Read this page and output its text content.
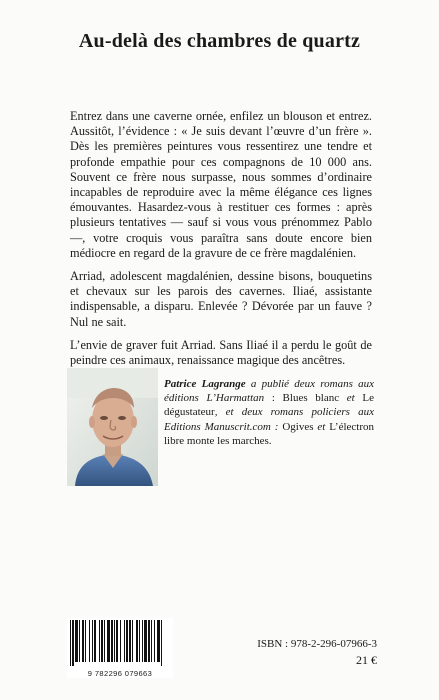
Au-delà des chambres de quartz

Entrez dans une caverne ornée, enfilez un blouson et entrez. Aussitôt, l’évidence : « Je suis devant l’œuvre d’un frère ». Dès les premières peintures vous ressentirez une tendre et profonde empathie pour ces compagnons de 10 000 ans. Souvent ce frère nous surpasse, nous sommes d’ordinaire incapables de reproduire avec la même élégance ces lignes émouvantes. Hasardez-vous à restituer ces formes : après plusieurs tentatives — sauf si vous vous prénommez Pablo —, votre croquis vous paraîtra sans doute encore bien médiocre en regard de la gravure de ce frère magdalénien.

Arriad, adolescent magdalénien, dessine bisons, bouquetins et chevaux sur les parois des cavernes. Iliaé, assistante indispensable, a disparu. Enlevée ? Dévorée par un fauve ? Nul ne sait.

L’envie de graver fuit Arriad. Sans Iliaé il a perdu le goût de peindre ces animaux, renaissance magique des ancêtres.

Patrice Lagrange a publié deux romans aux éditions L’Harmattan : Blues blanc et Le dégustateur, et deux romans policiers aux Editions Manuscrit.com : Ogives et L’électron libre monte les marches.
9 782296 079663
ISBN : 978-2-296-07966-3
21 €
